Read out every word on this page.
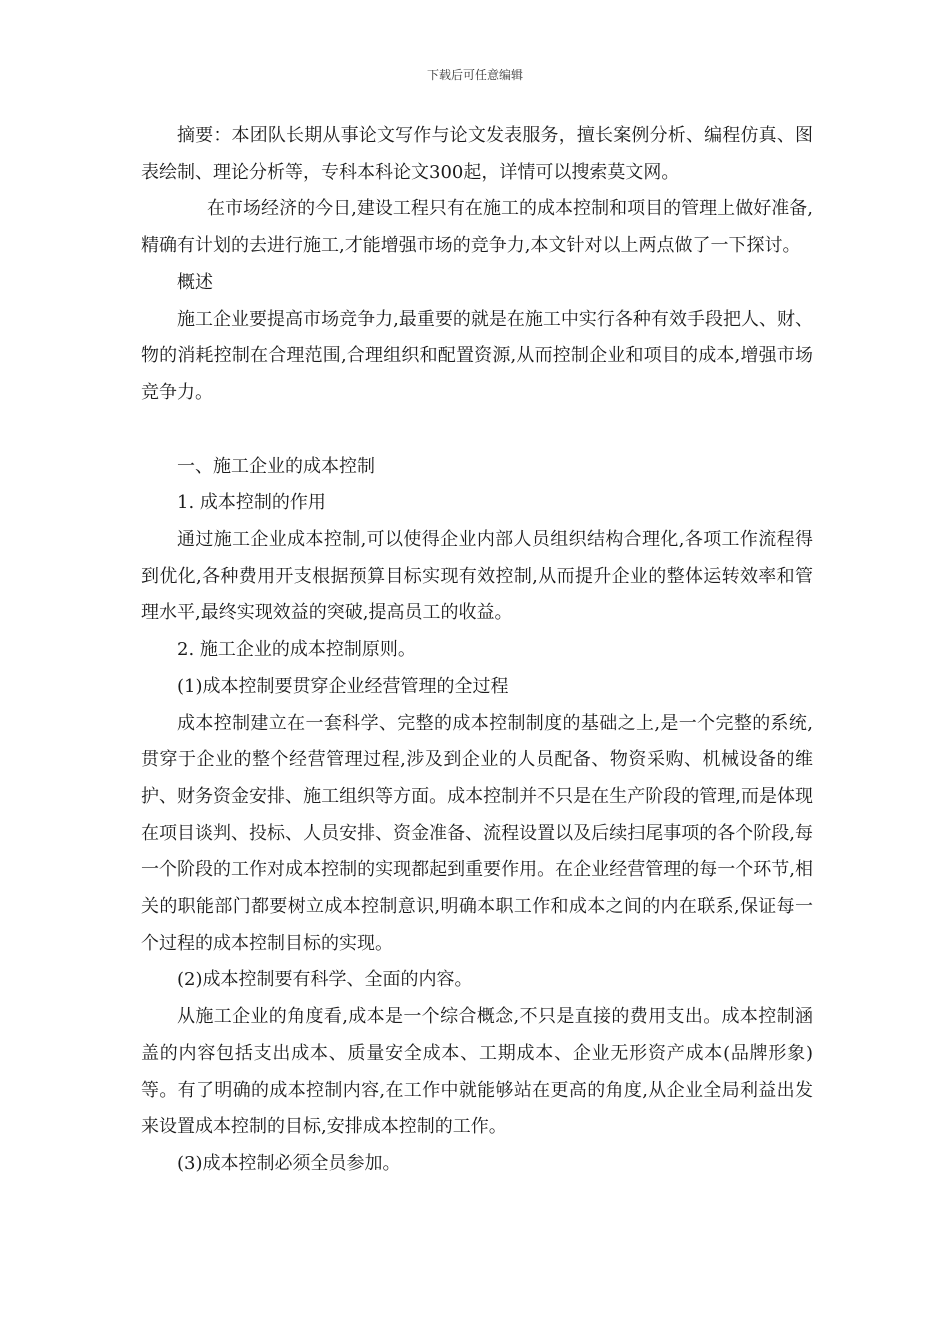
下载后可任意编辑

摘要：本团队长期从事论文写作与论文发表服务，擅长案例分析、编程仿真、图表绘制、理论分析等，专科本科论文300起，详情可以搜索莫文网。

在市场经济的今日,建设工程只有在施工的成本控制和项目的管理上做好准备,精确有计划的去进行施工,才能增强市场的竞争力,本文针对以上两点做了一下探讨。

概述

施工企业要提高市场竞争力,最重要的就是在施工中实行各种有效手段把人、财、物的消耗控制在合理范围,合理组织和配置资源,从而控制企业和项目的成本,增强市场竞争力。

一、施工企业的成本控制

1. 成本控制的作用

通过施工企业成本控制,可以使得企业内部人员组织结构合理化,各项工作流程得到优化,各种费用开支根据预算目标实现有效控制,从而提升企业的整体运转效率和管理水平,最终实现效益的突破,提高员工的收益。

2. 施工企业的成本控制原则。

(1)成本控制要贯穿企业经营管理的全过程

成本控制建立在一套科学、完整的成本控制制度的基础之上,是一个完整的系统,贯穿于企业的整个经营管理过程,涉及到企业的人员配备、物资采购、机械设备的维护、财务资金安排、施工组织等方面。成本控制并不只是在生产阶段的管理,而是体现在项目谈判、投标、人员安排、资金准备、流程设置以及后续扫尾事项的各个阶段,每一个阶段的工作对成本控制的实现都起到重要作用。在企业经营管理的每一个环节,相关的职能部门都要树立成本控制意识,明确本职工作和成本之间的内在联系,保证每一个过程的成本控制目标的实现。

(2)成本控制要有科学、全面的内容。

从施工企业的角度看,成本是一个综合概念,不只是直接的费用支出。成本控制涵盖的内容包括支出成本、质量安全成本、工期成本、企业无形资产成本(品牌形象)等。有了明确的成本控制内容,在工作中就能够站在更高的角度,从企业全局利益出发来设置成本控制的目标,安排成本控制的工作。

(3)成本控制必须全员参加。
